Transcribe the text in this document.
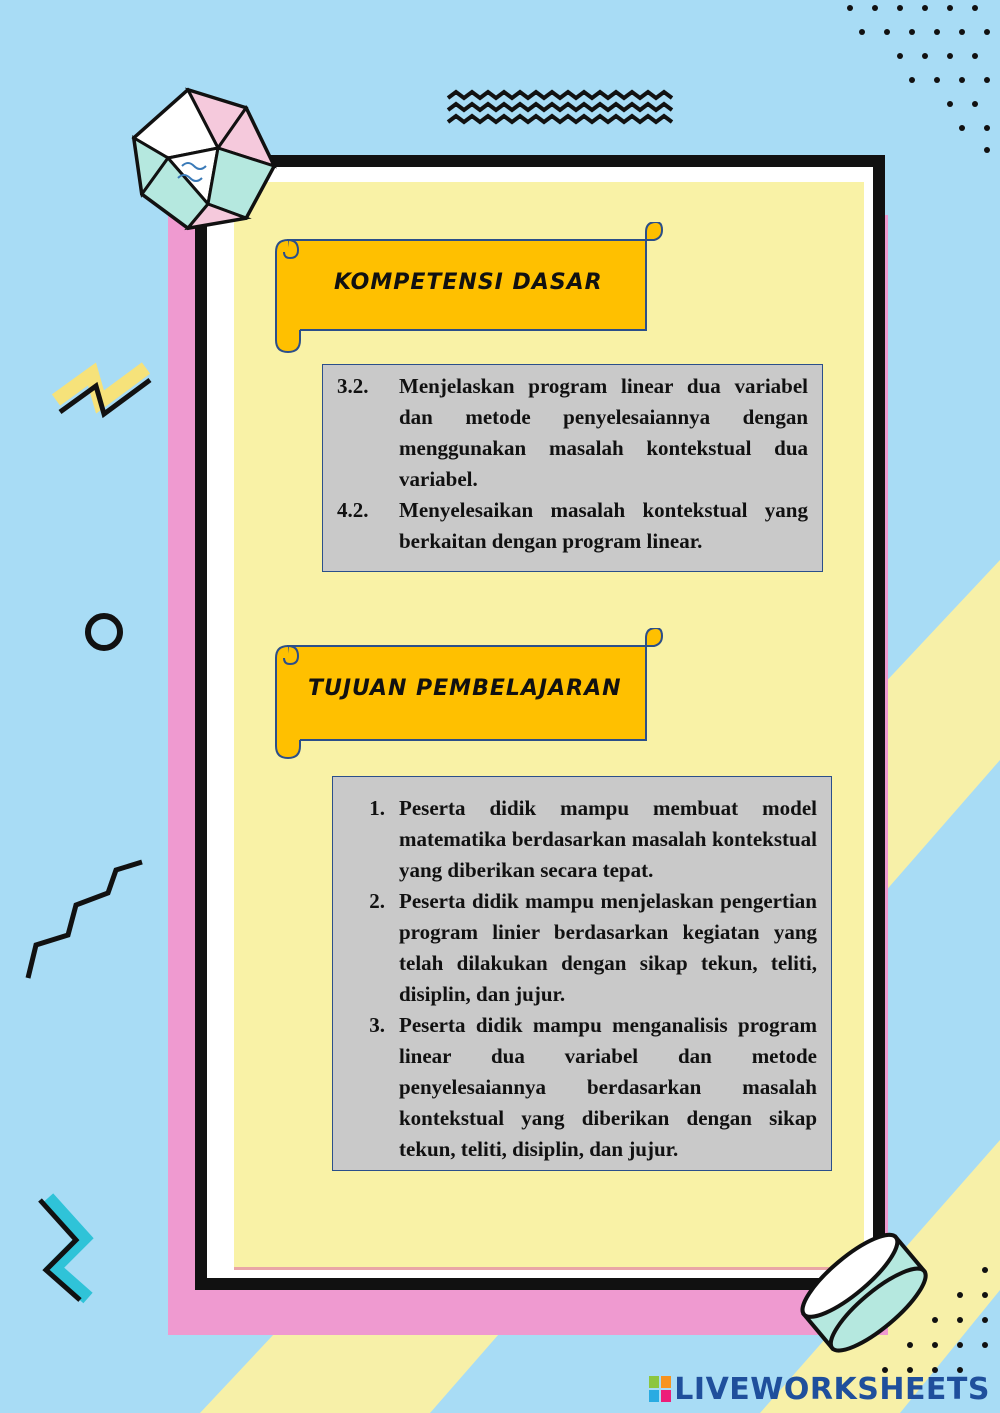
KOMPETENSI DASAR
3.2.	Menjelaskan program linear dua variabel dan metode penyelesaiannya dengan menggunakan masalah kontekstual dua variabel.
4.2.	Menyelesaikan masalah kontekstual yang berkaitan dengan program linear.
TUJUAN PEMBELAJARAN
1. Peserta didik mampu membuat model matematika berdasarkan masalah kontekstual yang diberikan secara tepat.
2. Peserta didik mampu menjelaskan pengertian program linier berdasarkan kegiatan yang telah dilakukan dengan sikap tekun, teliti, disiplin, dan jujur.
3. Peserta didik mampu menganalisis program linear dua variabel dan metode penyelesaiannya berdasarkan masalah kontekstual yang diberikan dengan sikap tekun, teliti, disiplin, dan jujur.
LIVEWORKSHEETS
